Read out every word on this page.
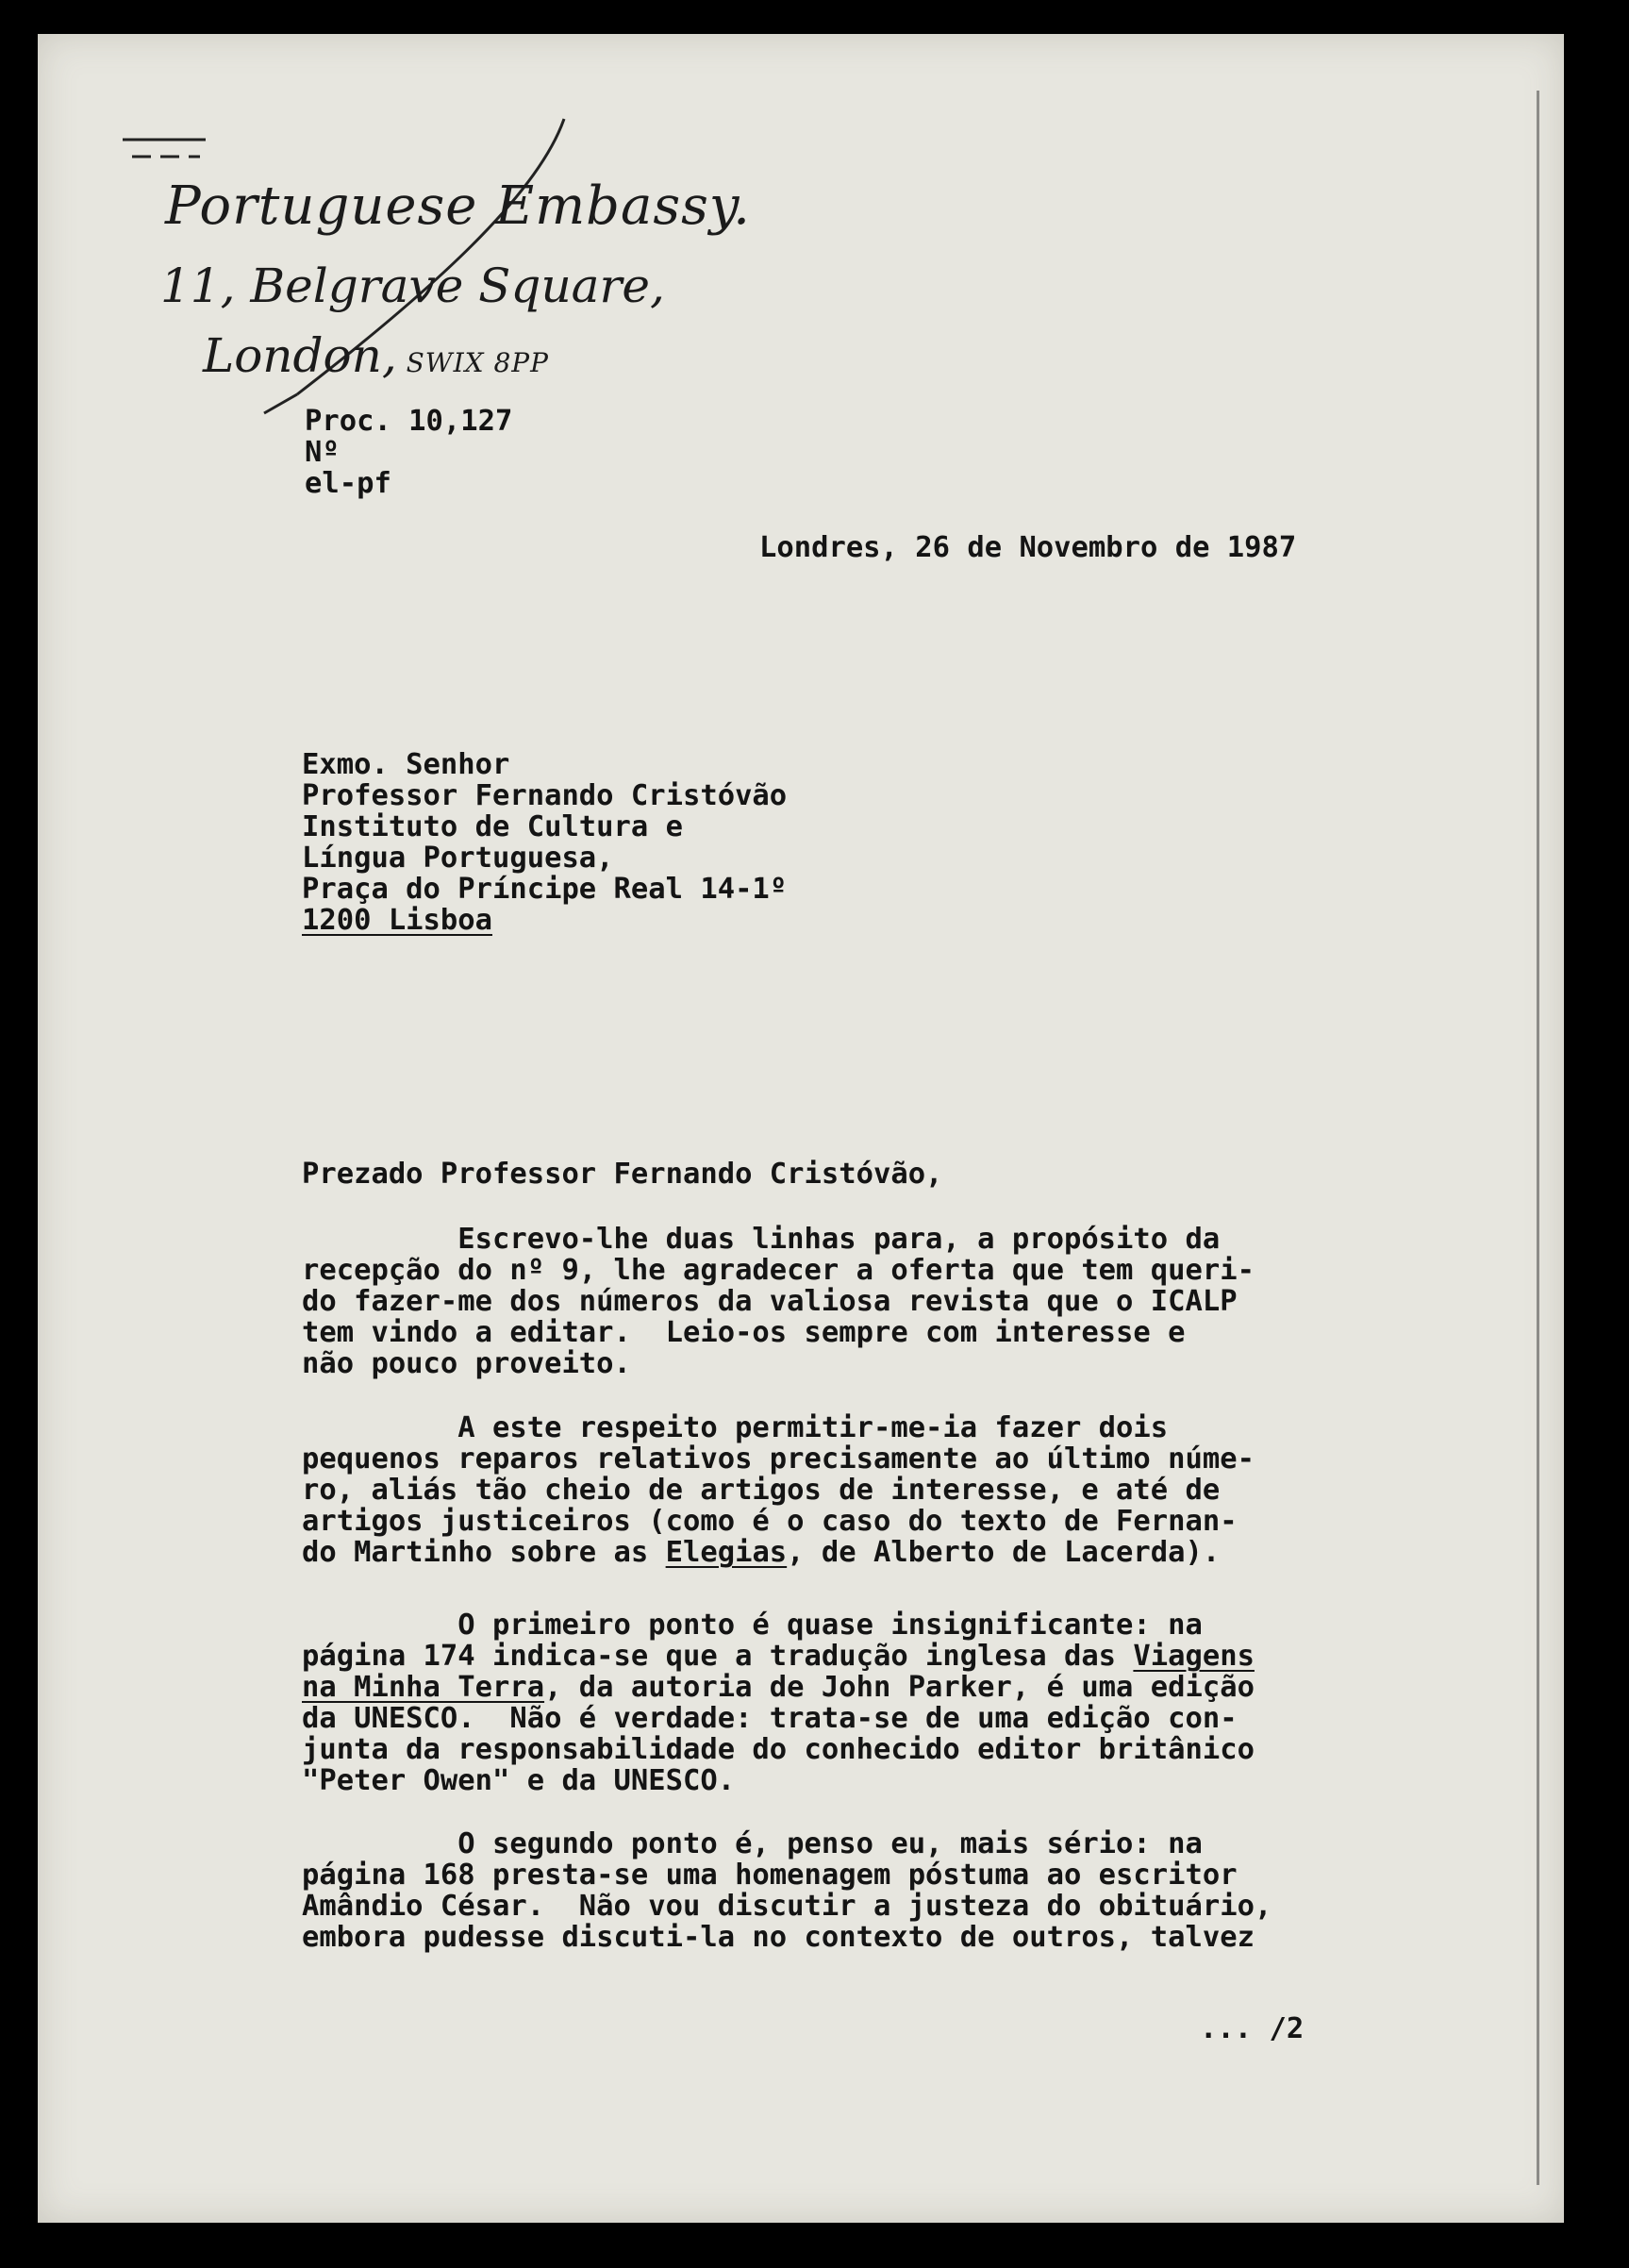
Portuguese Embassy.
11, Belgrave Square,
London, SWIX 8PP
Proc. 10,127
Nº
el-pf
Londres, 26 de Novembro de 1987
Exmo. Senhor
Professor Fernando Cristóvão
Instituto de Cultura e
Língua Portuguesa,
Praça do Príncipe Real 14-1º
1200 Lisboa
Prezado Professor Fernando Cristóvão,
Escrevo-lhe duas linhas para, a propósito da
recepção do nº 9, lhe agradecer a oferta que tem queri-
do fazer-me dos números da valiosa revista que o ICALP
tem vindo a editar.  Leio-os sempre com interesse e
não pouco proveito.
A este respeito permitir-me-ia fazer dois
pequenos reparos relativos precisamente ao último núme-
ro, aliás tão cheio de artigos de interesse, e até de
artigos justiceiros (como é o caso do texto de Fernan-
do Martinho sobre as Elegias, de Alberto de Lacerda).
O primeiro ponto é quase insignificante: na
página 174 indica-se que a tradução inglesa das Viagens
na Minha Terra, da autoria de John Parker, é uma edição
da UNESCO.  Não é verdade: trata-se de uma edição con-
junta da responsabilidade do conhecido editor britânico
"Peter Owen" e da UNESCO.
O segundo ponto é, penso eu, mais sério: na
página 168 presta-se uma homenagem póstuma ao escritor
Amândio César.  Não vou discutir a justeza do obituário,
embora pudesse discuti-la no contexto de outros, talvez
... /2
